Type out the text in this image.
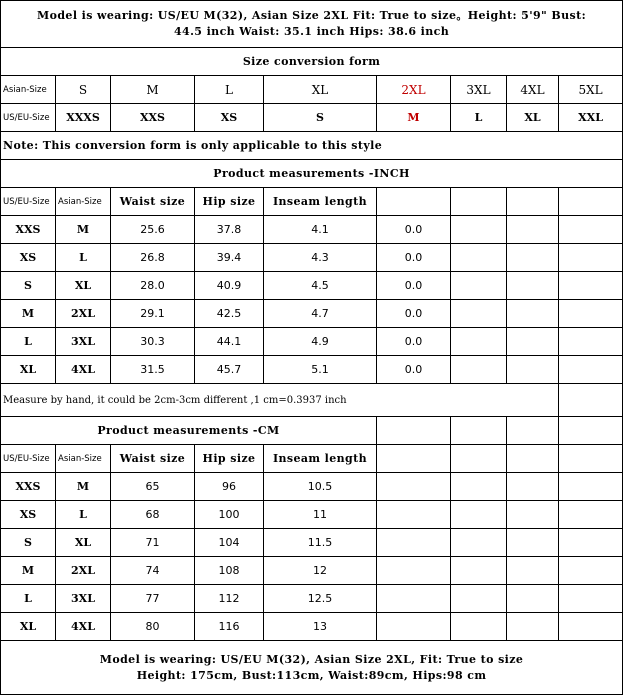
Model is wearing: US/EU M(32), Asian Size 2XL Fit: True to size。Height: 5'9" Bust:
44.5 inch Waist: 35.1 inch Hips: 38.6 inch								

Size conversion form								
Asian-Size	S	M	L	XL	2XL	3XL	4XL	5XL
US/EU-Size	XXXS	XXS	XS	S	M	L	XL	XXL
Note: This conversion form is only applicable to this style								
Product measurements -INCH								
US/EU-Size	Asian-Size	Waist size	Hip size	Inseam length				
XXS	M	25.6	37.8	4.1	0.0			
XS	L	26.8	39.4	4.3	0.0			
S	XL	28.0	40.9	4.5	0.0			
M	2XL	29.1	42.5	4.7	0.0			
L	3XL	30.3	44.1	4.9	0.0			
XL	4XL	31.5	45.7	5.1	0.0			
Measure by hand, it could be 2cm-3cm different ,1 cm=0.3937 inch								
Product measurements -CM								
US/EU-Size	Asian-Size	Waist size	Hip size	Inseam length				
XXS	M	65	96	10.5				
XS	L	68	100	11				
S	XL	71	104	11.5				
M	2XL	74	108	12				
L	3XL	77	112	12.5				
XL	4XL	80	116	13				

Model is wearing: US/EU M(32), Asian Size 2XL, Fit: True to size
Height: 175cm, Bust:113cm, Waist:89cm, Hips:98 cm								
